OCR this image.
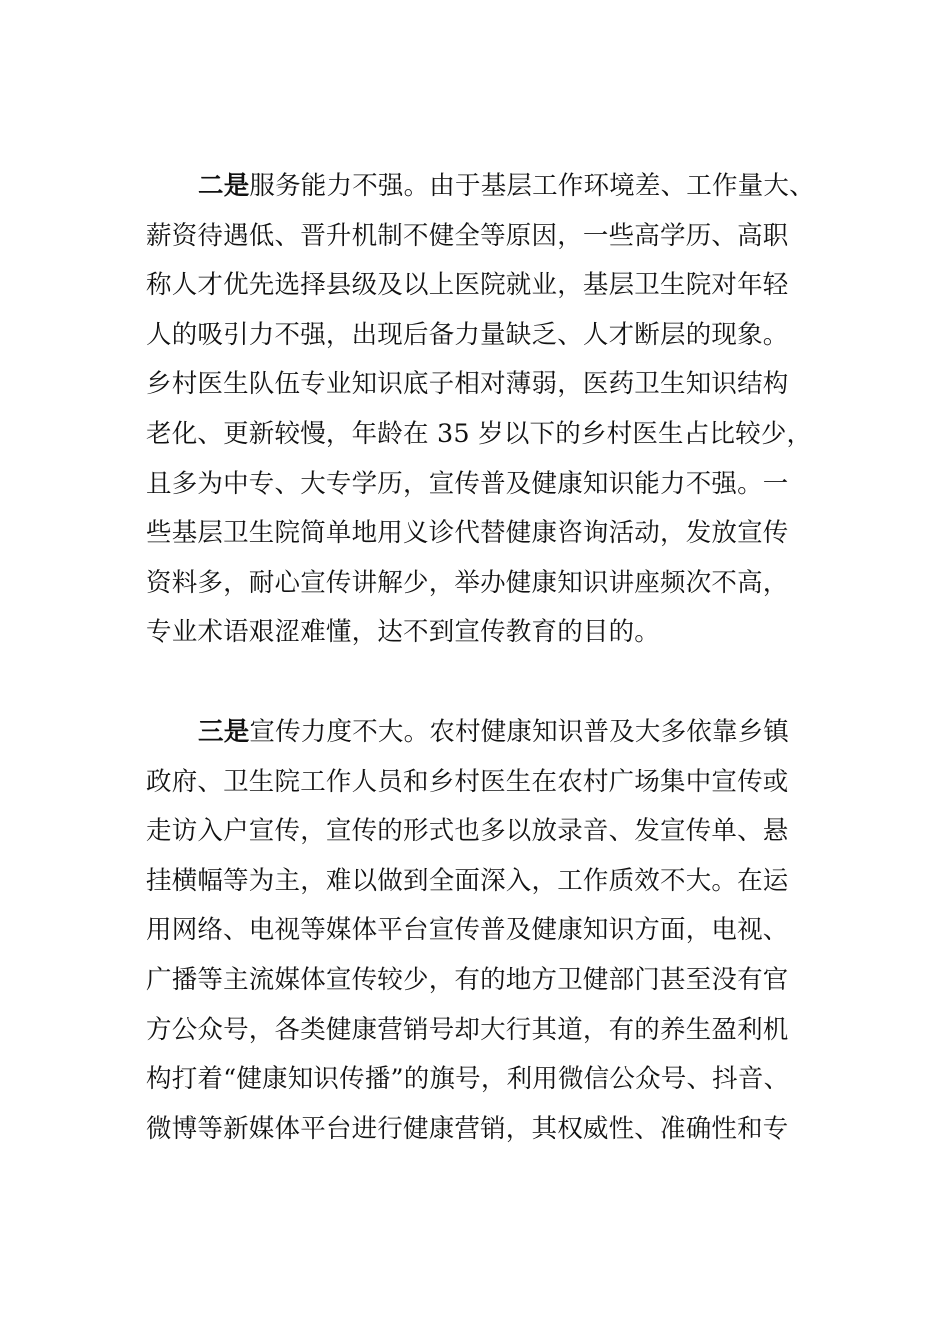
二是服务能力不强。由于基层工作环境差、工作量大、
薪资待遇低、晋升机制不健全等原因，一些高学历、高职
称人才优先选择县级及以上医院就业，基层卫生院对年轻
人的吸引力不强，出现后备力量缺乏、人才断层的现象。
乡村医生队伍专业知识底子相对薄弱，医药卫生知识结构
老化、更新较慢，年龄在 35 岁以下的乡村医生占比较少，
且多为中专、大专学历，宣传普及健康知识能力不强。一
些基层卫生院简单地用义诊代替健康咨询活动，发放宣传
资料多，耐心宣传讲解少，举办健康知识讲座频次不高，
专业术语艰涩难懂，达不到宣传教育的目的。
三是宣传力度不大。农村健康知识普及大多依靠乡镇
政府、卫生院工作人员和乡村医生在农村广场集中宣传或
走访入户宣传，宣传的形式也多以放录音、发宣传单、悬
挂横幅等为主，难以做到全面深入，工作质效不大。在运
用网络、电视等媒体平台宣传普及健康知识方面，电视、
广播等主流媒体宣传较少，有的地方卫健部门甚至没有官
方公众号，各类健康营销号却大行其道，有的养生盈利机
构打着“健康知识传播”的旗号，利用微信公众号、抖音、
微博等新媒体平台进行健康营销，其权威性、准确性和专
